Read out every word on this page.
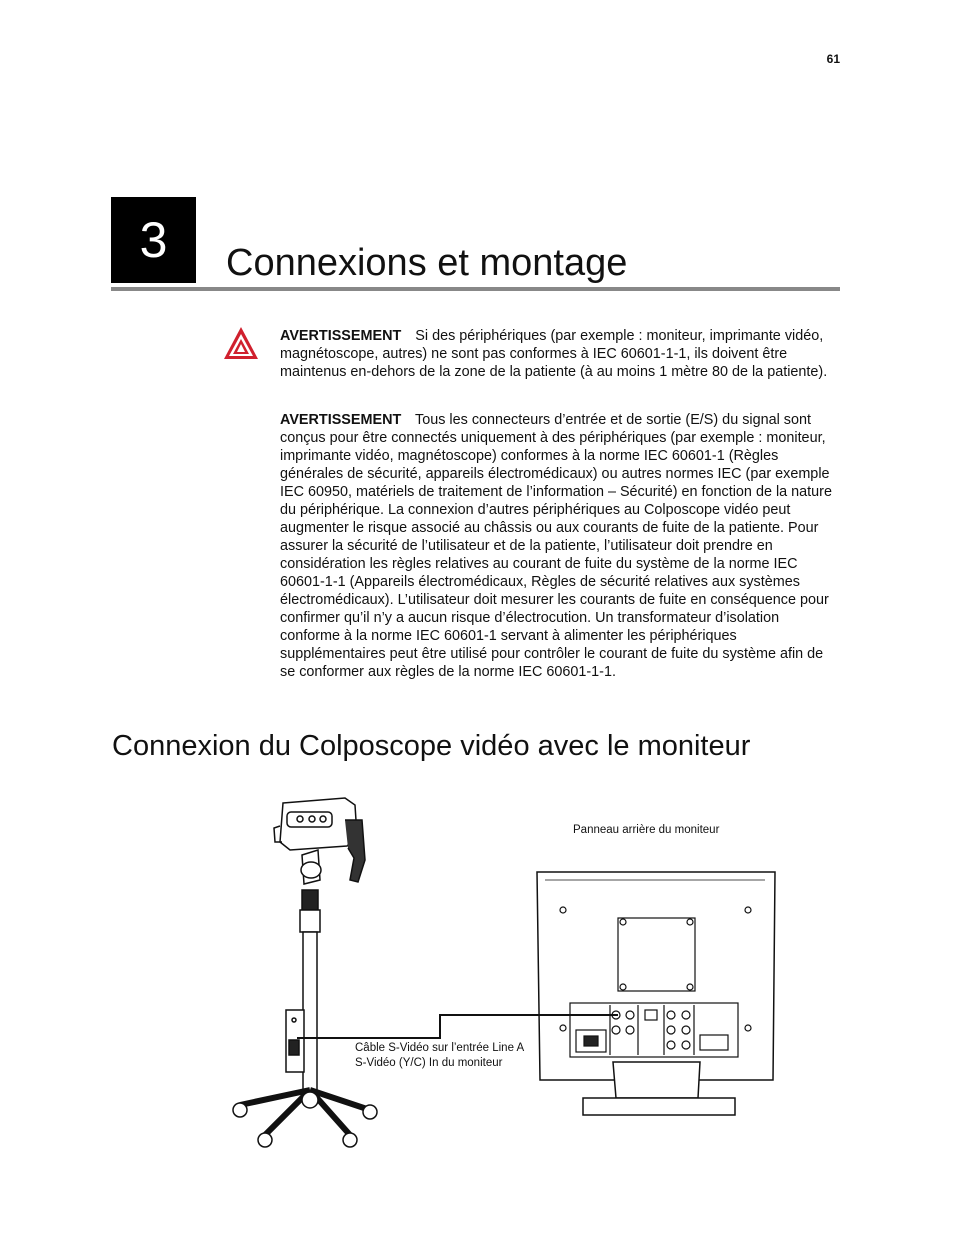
61
3	Connexions et montage

AVERTISSEMENT Si des périphériques (par exemple : moniteur, imprimante vidéo, magnétoscope, autres) ne sont pas conformes à IEC 60601-1-1, ils doivent être maintenus en-dehors de la zone de la patiente (à au moins 1 mètre 80 de la patiente).

AVERTISSEMENT Tous les connecteurs d’entrée et de sortie (E/S) du signal sont conçus pour être connectés uniquement à des périphériques (par exemple : moniteur, imprimante vidéo, magnétoscope) conformes à la norme IEC 60601-1 (Règles générales de sécurité, appareils électromédicaux) ou autres normes IEC (par exemple IEC 60950, matériels de traitement de l’information – Sécurité) en fonction de la nature du périphérique. La connexion d’autres périphériques au Colposcope vidéo peut augmenter le risque associé au châssis ou aux courants de fuite de la patiente. Pour assurer la sécurité de l’utilisateur et de la patiente, l’utilisateur doit prendre en considération les règles relatives au courant de fuite du système de la norme IEC 60601-1-1 (Appareils électromédicaux, Règles de sécurité relatives aux systèmes électromédicaux). L’utilisateur doit mesurer les courants de fuite en conséquence pour confirmer qu’il n’y a aucun risque d’électrocution. Un transformateur d’isolation conforme à la norme IEC 60601-1 servant à alimenter les périphériques supplémentaires peut être utilisé pour contrôler le courant de fuite du système afin de se conformer aux règles de la norme IEC 60601-1-1.

Connexion du Colposcope vidéo avec le moniteur
Panneau arrière du moniteur
Câble S-Vidéo sur l’entrée Line A S-Vidéo (Y/C) In du moniteur
